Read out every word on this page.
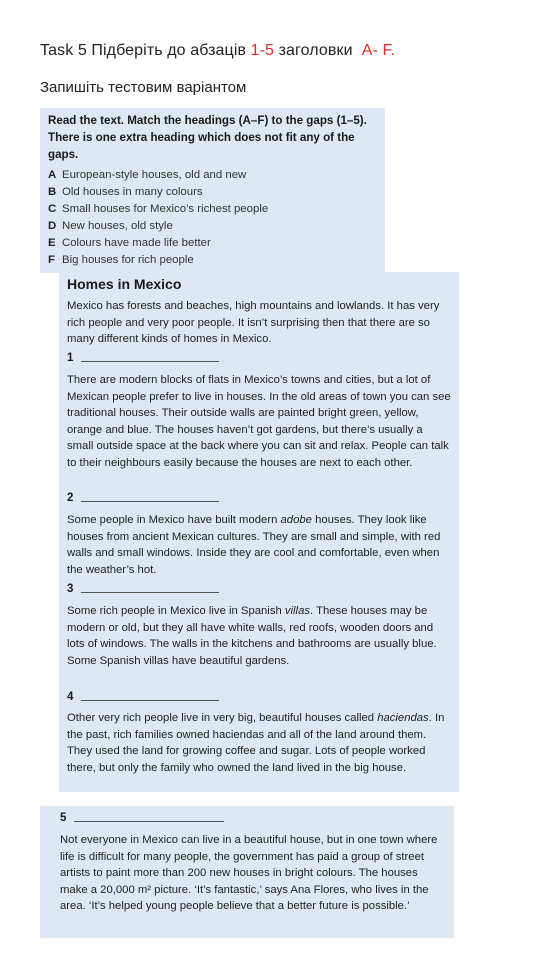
Task 5 Підберіть до абзаців 1-5 заголовки А- F.
Запишіть тестовим варіантом
Read the text. Match the headings (A–F) to the gaps (1–5). There is one extra heading which does not fit any of the gaps.
A European-style houses, old and new
B Old houses in many colours
C Small houses for Mexico’s richest people
D New houses, old style
E Colours have made life better
F Big houses for rich people
Homes in Mexico
Mexico has forests and beaches, high mountains and lowlands. It has very rich people and very poor people. It isn’t surprising then that there are so many different kinds of homes in Mexico.
1
There are modern blocks of flats in Mexico’s towns and cities, but a lot of Mexican people prefer to live in houses. In the old areas of town you can see traditional houses. Their outside walls are painted bright green, yellow, orange and blue. The houses haven’t got gardens, but there’s usually a small outside space at the back where you can sit and relax. People can talk to their neighbours easily because the houses are next to each other.
2
Some people in Mexico have built modern adobe houses. They look like houses from ancient Mexican cultures. They are small and simple, with red walls and small windows. Inside they are cool and comfortable, even when the weather’s hot.
3
Some rich people in Mexico live in Spanish villas. These houses may be modern or old, but they all have white walls, red roofs, wooden doors and lots of windows. The walls in the kitchens and bathrooms are usually blue. Some Spanish villas have beautiful gardens.
4
Other very rich people live in very big, beautiful houses called haciendas. In the past, rich families owned haciendas and all of the land around them. They used the land for growing coffee and sugar. Lots of people worked there, but only the family who owned the land lived in the big house.
5
Not everyone in Mexico can live in a beautiful house, but in one town where life is difficult for many people, the government has paid a group of street artists to paint more than 200 new houses in bright colours. The houses make a 20,000 m² picture. ‘It’s fantastic,’ says Ana Flores, who lives in the area. ‘It’s helped young people believe that a better future is possible.’
